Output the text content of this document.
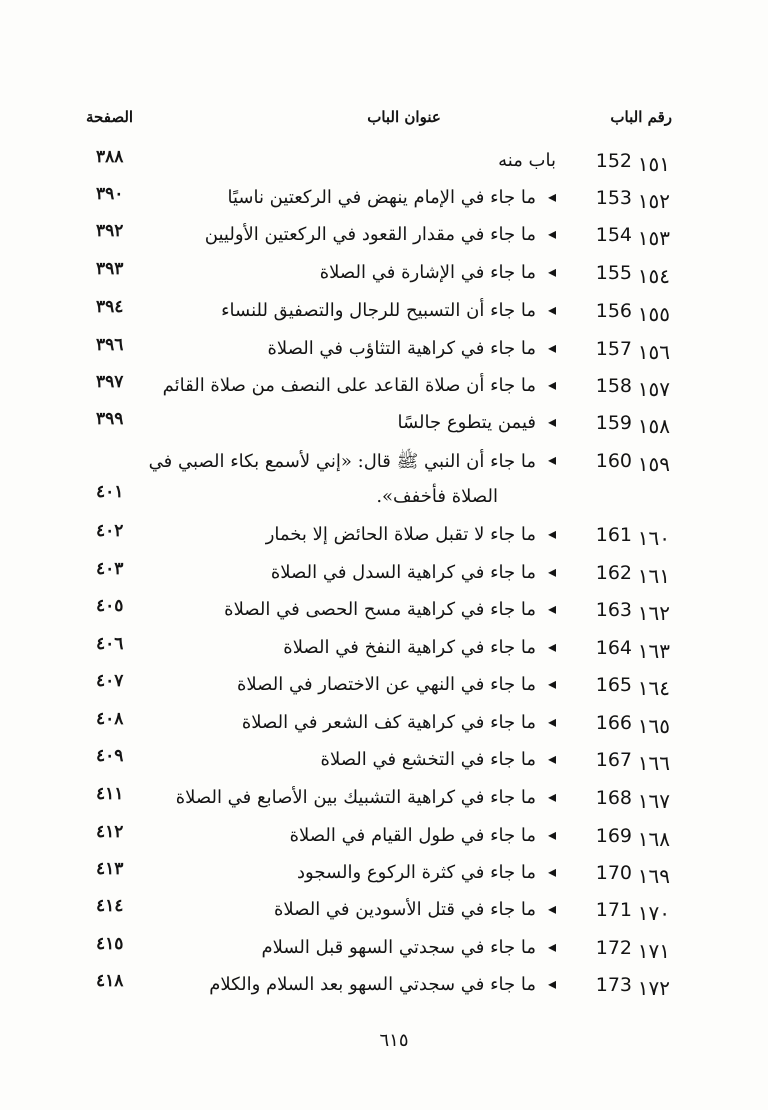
رقم الباب
عنوان الباب
الصفحة
١٥١
152
باب منه
٣٨٨
١٥٢
153
◂
ما جاء في الإمام ينهض في الركعتين ناسيًا
٣٩٠
١٥٣
154
◂
ما جاء في مقدار القعود في الركعتين الأوليين
٣٩٢
١٥٤
155
◂
ما جاء في الإشارة في الصلاة
٣٩٣
١٥٥
156
◂
ما جاء أن التسبيح للرجال والتصفيق للنساء
٣٩٤
١٥٦
157
◂
ما جاء في كراهية التثاؤب في الصلاة
٣٩٦
١٥٧
158
◂
ما جاء أن صلاة القاعد على النصف من صلاة القائم
٣٩٧
١٥٨
159
◂
فيمن يتطوع جالسًا
٣٩٩
١٥٩
160
◂
ما جاء أن النبي ﷺ قال: «إني لأسمع بكاء الصبي في
١٦٠
161
◂
ما جاء لا تقبل صلاة الحائض إلا بخمار
٤٠٢
١٦١
162
◂
ما جاء في كراهية السدل في الصلاة
٤٠٣
١٦٢
163
◂
ما جاء في كراهية مسح الحصى في الصلاة
٤٠٥
١٦٣
164
◂
ما جاء في كراهية النفخ في الصلاة
٤٠٦
١٦٤
165
◂
ما جاء في النهي عن الاختصار في الصلاة
٤٠٧
١٦٥
166
◂
ما جاء في كراهية كف الشعر في الصلاة
٤٠٨
١٦٦
167
◂
ما جاء في التخشع في الصلاة
٤٠٩
١٦٧
168
◂
ما جاء في كراهية التشبيك بين الأصابع في الصلاة
٤١١
١٦٨
169
◂
ما جاء في طول القيام في الصلاة
٤١٢
١٦٩
170
◂
ما جاء في كثرة الركوع والسجود
٤١٣
١٧٠
171
◂
ما جاء في قتل الأسودين في الصلاة
٤١٤
١٧١
172
◂
ما جاء في سجدتي السهو قبل السلام
٤١٥
١٧٢
173
◂
ما جاء في سجدتي السهو بعد السلام والكلام
٤١٨
الصلاة فأخفف».
٤٠١
٦١٥
